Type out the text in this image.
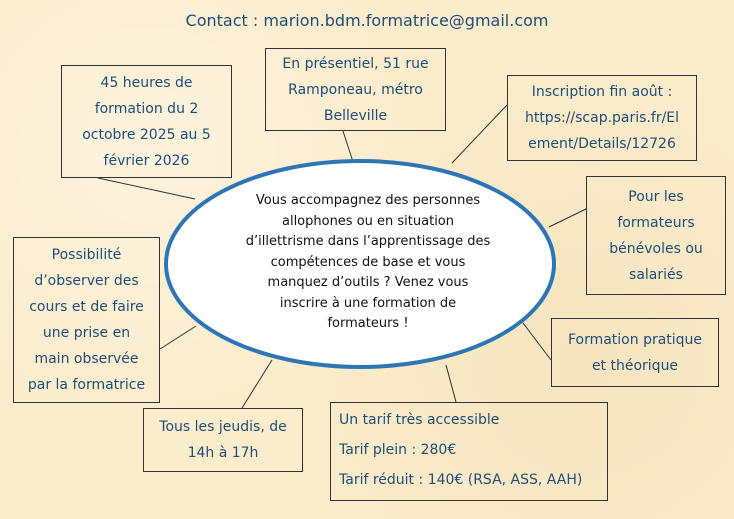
Contact : marion.bdm.formatrice@gmail.com
Vous accompagnez des personnes
allophones ou en situation
d’illettrisme dans l’apprentissage des
compétences de base et vous
manquez d’outils ? Venez vous
inscrire à une formation de
formateurs !
45 heures de
formation du 2
octobre 2025 au 5
février 2026
En présentiel, 51 rue
Ramponeau, métro
Belleville
Inscription fin août :
https://scap.paris.fr/El
ement/Details/12726
Pour les
formateurs
bénévoles ou
salariés
Possibilité
d’observer des
cours et de faire
une prise en
main observée
par la formatrice
Formation pratique
et théorique
Tous les jeudis, de
14h à 17h
Un tarif très accessible
Tarif plein : 280€
Tarif réduit : 140€ (RSA, ASS, AAH)
